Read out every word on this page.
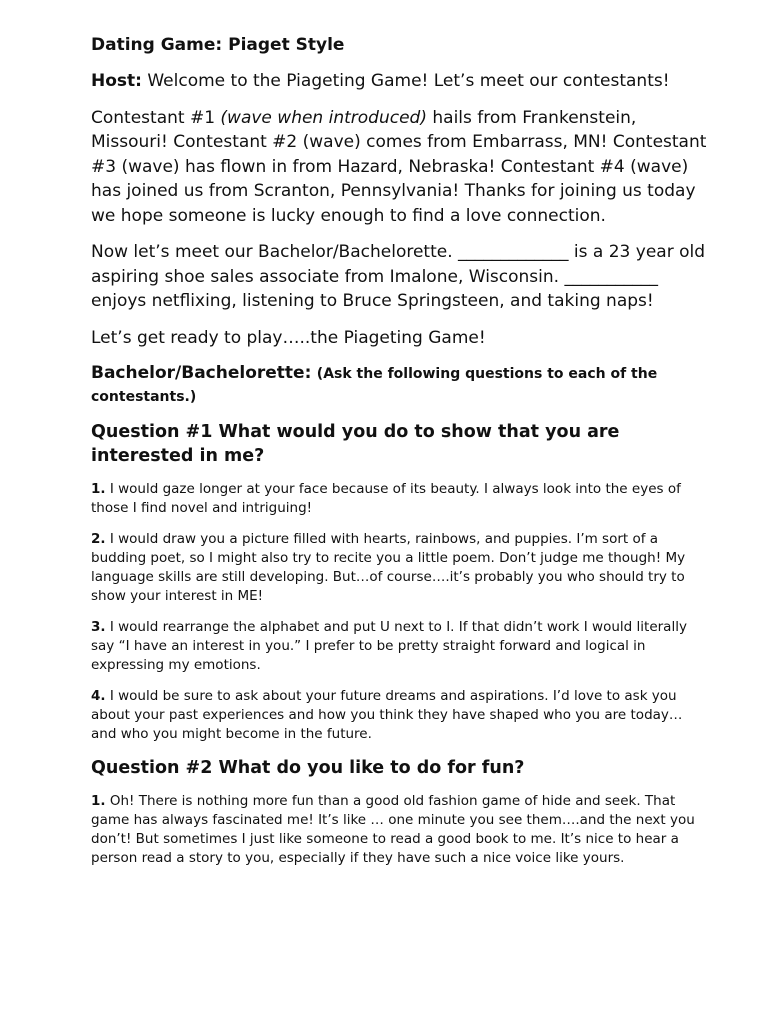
Dating Game: Piaget Style
Host: Welcome to the Piageting Game! Let’s meet our contestants!
Contestant #1 (wave when introduced) hails from Frankenstein, Missouri! Contestant #2 (wave) comes from Embarrass, MN! Contestant #3 (wave) has flown in from Hazard, Nebraska! Contestant #4 (wave) has joined us from Scranton, Pennsylvania! Thanks for joining us today we hope someone is lucky enough to find a love connection.
Now let’s meet our Bachelor/Bachelorette. _____________ is a 23 year old aspiring shoe sales associate from Imalone, Wisconsin. ___________ enjoys netflixing, listening to Bruce Springsteen, and taking naps!
Let’s get ready to play…..the Piageting Game!
Bachelor/Bachelorette: (Ask the following questions to each of the contestants.)
Question #1 What would you do to show that you are interested in me?
1. I would gaze longer at your face because of its beauty. I always look into the eyes of those I find novel and intriguing!
2. I would draw you a picture filled with hearts, rainbows, and puppies. I’m sort of a budding poet, so I might also try to recite you a little poem. Don’t judge me though! My language skills are still developing. But…of course….it’s probably you who should try to show your interest in ME!
3. I would rearrange the alphabet and put U next to I. If that didn’t work I would literally say “I have an interest in you.” I prefer to be pretty straight forward and logical in expressing my emotions.
4. I would be sure to ask about your future dreams and aspirations. I’d love to ask you about your past experiences and how you think they have shaped who you are today… and who you might become in the future.
Question #2 What do you like to do for fun?
1. Oh! There is nothing more fun than a good old fashion game of hide and seek. That game has always fascinated me! It’s like … one minute you see them….and the next you don’t! But sometimes I just like someone to read a good book to me. It’s nice to hear a person read a story to you, especially if they have such a nice voice like yours.
